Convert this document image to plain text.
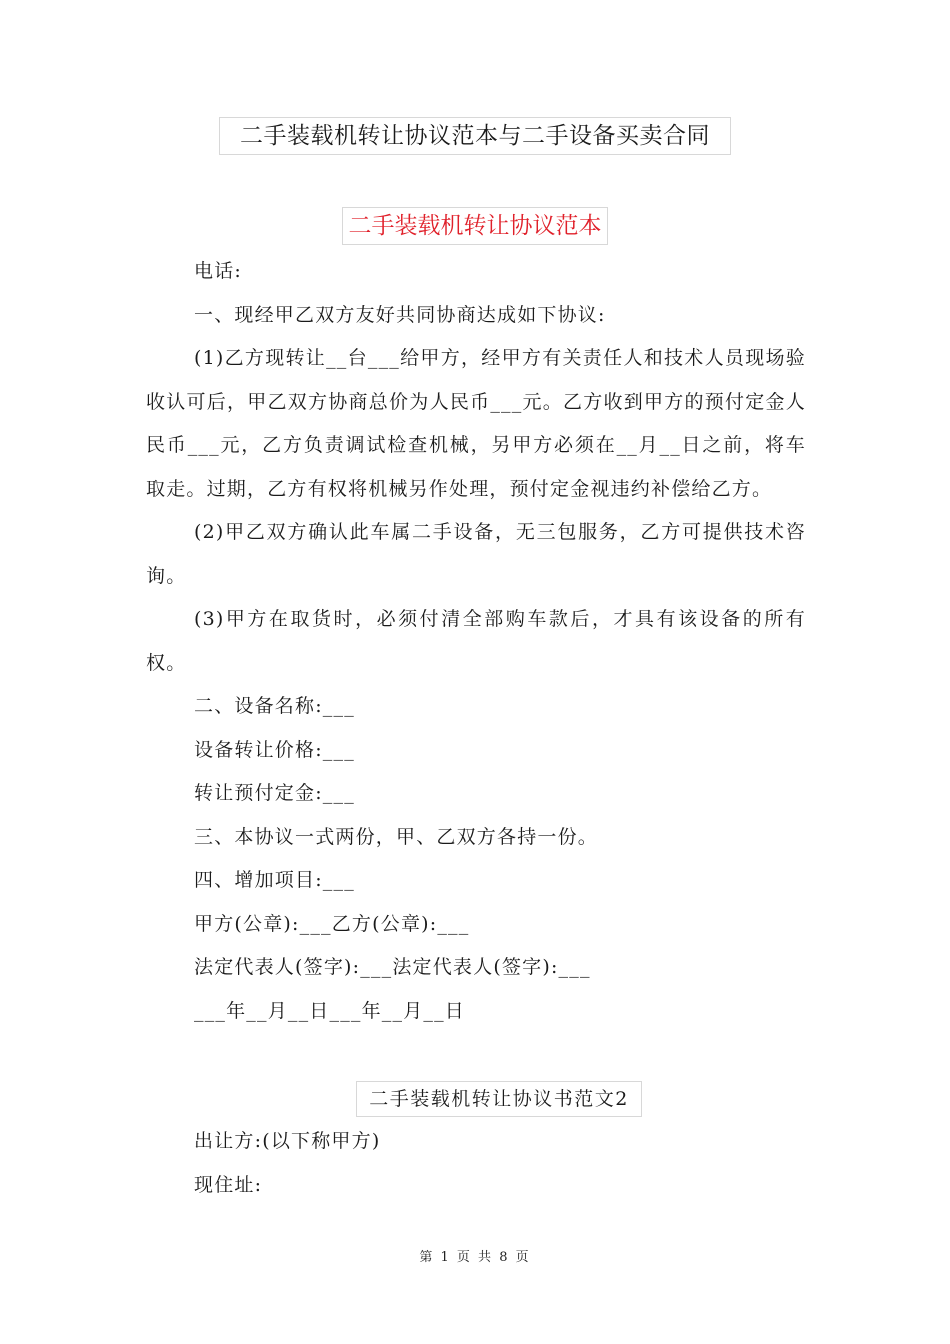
二手装载机转让协议范本与二手设备买卖合同
二手装载机转让协议范本

电话:

一、现经甲乙双方友好共同协商达成如下协议:

(1)乙方现转让__台___给甲方，经甲方有关责任人和技术人员现场验收认可后，甲乙双方协商总价为人民币___元。乙方收到甲方的预付定金人民币___元，乙方负责调试检查机械，另甲方必须在__月__日之前，将车取走。过期，乙方有权将机械另作处理，预付定金视违约补偿给乙方。

(2)甲乙双方确认此车属二手设备，无三包服务，乙方可提供技术咨询。

(3)甲方在取货时，必须付清全部购车款后，才具有该设备的所有权。

二、设备名称:___

设备转让价格:___

转让预付定金:___

三、本协议一式两份，甲、乙双方各持一份。

四、增加项目:___

甲方(公章):___乙方(公章):___

法定代表人(签字):___法定代表人(签字):___

___年__月__日___年__月__日

二手装载机转让协议书范文2

出让方:(以下称甲方)

现住址:

第 1 页 共 8 页
